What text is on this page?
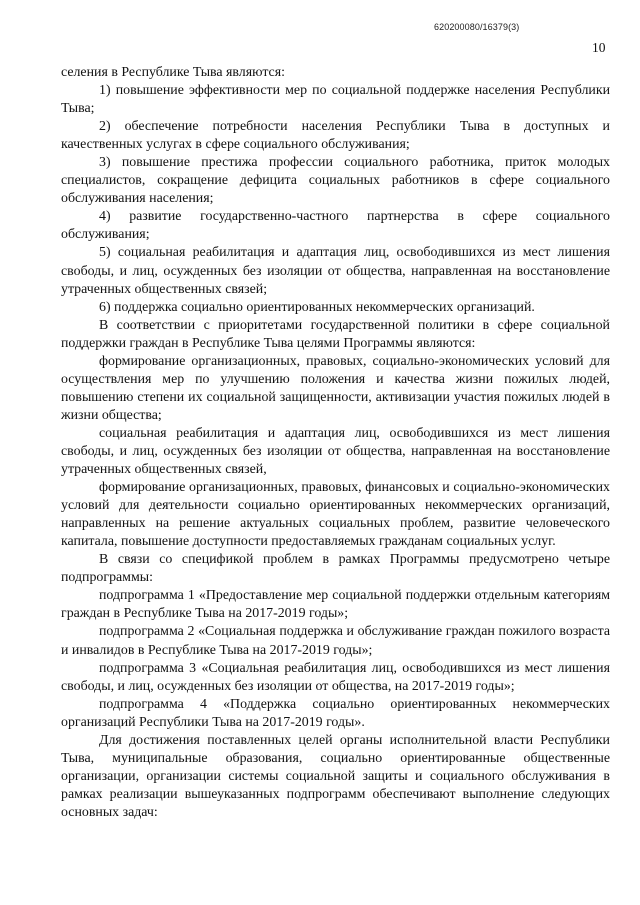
620200080/16379(3)
10

селения в Республике Тыва являются:

1) повышение эффективности мер по социальной поддержке населения Республики Тыва;

2) обеспечение потребности населения Республики Тыва в доступных и качественных услугах в сфере социального обслуживания;

3) повышение престижа профессии социального работника, приток молодых специалистов, сокращение дефицита социальных работников в сфере социального обслуживания населения;

4) развитие государственно-частного партнерства в сфере социального обслуживания;

5) социальная реабилитация и адаптация лиц, освободившихся из мест лишения свободы, и лиц, осужденных без изоляции от общества, направленная на восстановление утраченных общественных связей;

6) поддержка социально ориентированных некоммерческих организаций.

В соответствии с приоритетами государственной политики в сфере социальной поддержки граждан в Республике Тыва целями Программы являются:

формирование организационных, правовых, социально-экономических условий для осуществления мер по улучшению положения и качества жизни пожилых людей, повышению степени их социальной защищенности, активизации участия пожилых людей в жизни общества;

социальная реабилитация и адаптация лиц, освободившихся из мест лишения свободы, и лиц, осужденных без изоляции от общества, направленная на восстановление утраченных общественных связей,

формирование организационных, правовых, финансовых и социально-экономических условий для деятельности социально ориентированных некоммерческих организаций, направленных на решение актуальных социальных проблем, развитие человеческого капитала, повышение доступности предоставляемых гражданам социальных услуг.

В связи со спецификой проблем в рамках Программы предусмотрено четыре подпрограммы:

подпрограмма 1 «Предоставление мер социальной поддержки отдельным категориям граждан в Республике Тыва на 2017-2019 годы»;

подпрограмма 2 «Социальная поддержка и обслуживание граждан пожилого возраста и инвалидов в Республике Тыва на 2017-2019 годы»;

подпрограмма 3 «Социальная реабилитация лиц, освободившихся из мест лишения свободы, и лиц, осужденных без изоляции от общества, на 2017-2019 годы»;

подпрограмма 4 «Поддержка социально ориентированных некоммерческих организаций Республики Тыва на 2017-2019 годы».

Для достижения поставленных целей органы исполнительной власти Республики Тыва, муниципальные образования, социально ориентированные общественные организации, организации системы социальной защиты и социального обслуживания в рамках реализации вышеуказанных подпрограмм обеспечивают выполнение следующих основных задач:
